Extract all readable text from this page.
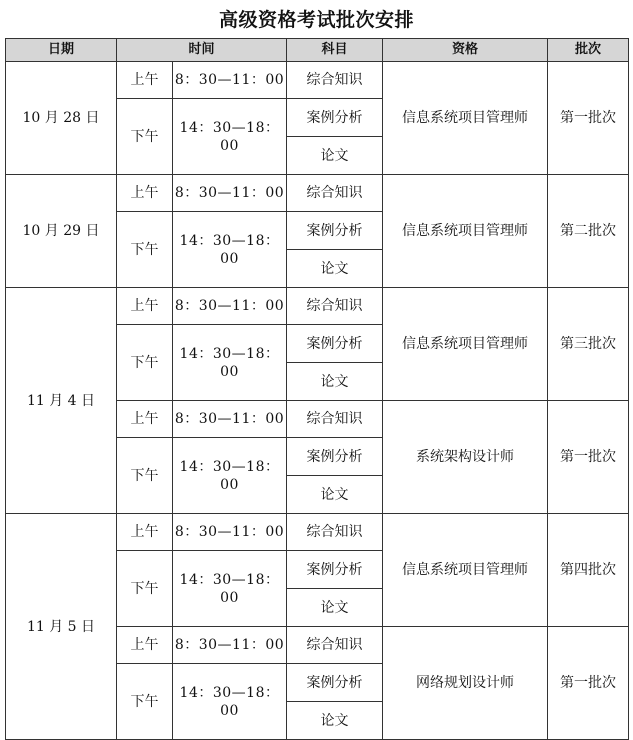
高级资格考试批次安排
日期	时间		科目	资格	批次
10 月 28 日	上午	8：30—11：00	综合知识	信息系统项目管理师	第一批次
	下午	14：30—18：00	案例分析		
			论文		
10 月 29 日	上午	8：30—11：00	综合知识	信息系统项目管理师	第二批次
	下午	14：30—18：00	案例分析		
			论文		
11 月 4 日	上午	8：30—11：00	综合知识	信息系统项目管理师	第三批次
	下午	14：30—18：00	案例分析		
			论文		
	上午	8：30—11：00	综合知识	系统架构设计师	第一批次
	下午	14：30—18：00	案例分析		
			论文		
11 月 5 日	上午	8：30—11：00	综合知识	信息系统项目管理师	第四批次
	下午	14：30—18：00	案例分析		
			论文		
	上午	8：30—11：00	综合知识	网络规划设计师	第一批次
	下午	14：30—18：00	案例分析		
			论文		
